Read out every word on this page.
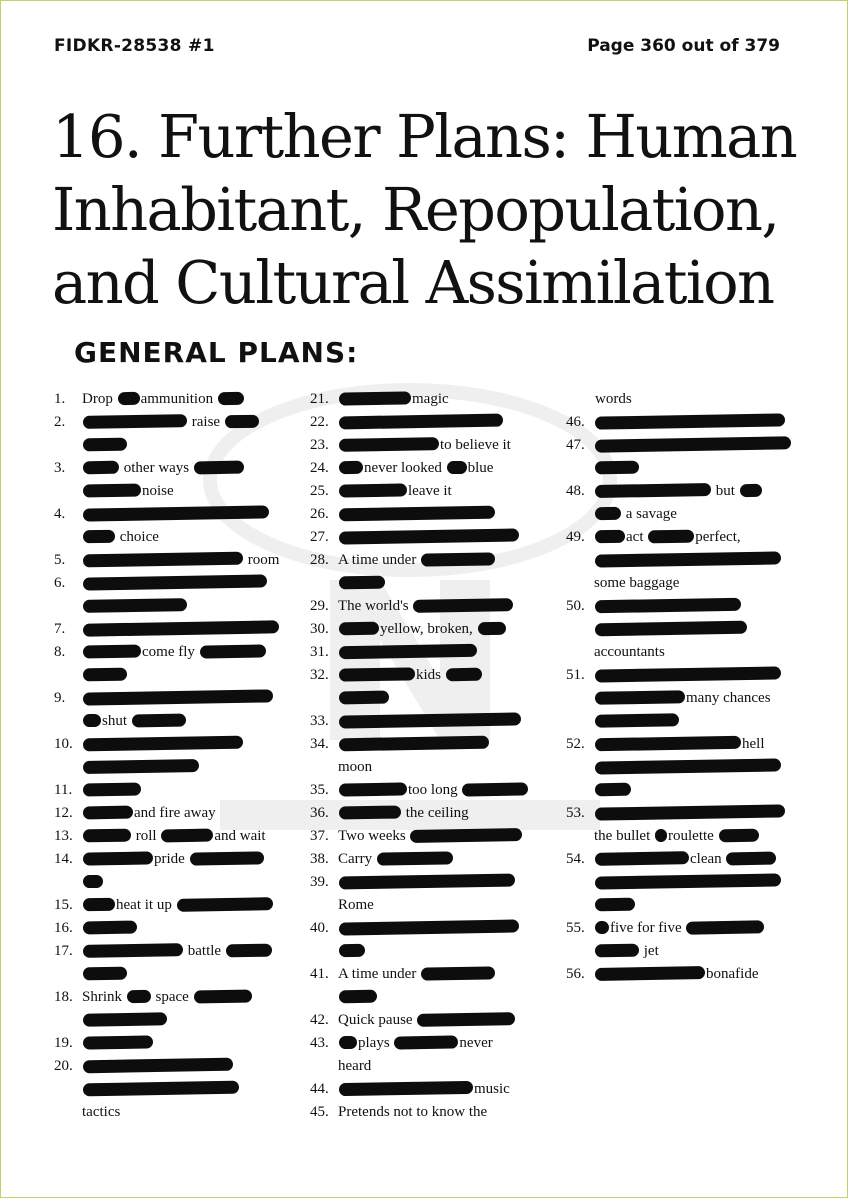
FIDKR-28538 #1	Page 360 out of 379
16. Further Plans: Human Inhabitant, Repopulation, and Cultural Assimilation
GENERAL PLANS:
1.	Drop ammunition
2.	raise

3.	other ways
noise
4.

choice
5.	room
6.

7.
8.	come fly

9.

shut
10.

11.
12.	and fire away
13.	roll	and wait
14.	pride

15.	heat it up
16.
17.	battle

18. Shrink space

19.
20.

tactics
21.	magic
22.
23.	to believe it
24.	never looked blue
25.	leave it
26.
27.
28. A time under

29. The world's
30.	yellow, broken,
31.
32.	kids

33.
34.

moon
35.	too long
36.	the ceiling
37. Two weeks
38. Carry
39.

Rome
40.

41. A time under

42. Quick pause
43.	plays	never
heard
44.	music
45. Pretends not to know the
words
46.
47.

48.	but
a savage
49.	act	perfect,

some baggage
50.

accountants
51.

many chances

52.	hell

53.

the bullet roulette
54.	clean

55.	five for five
jet
56.	bonafide
